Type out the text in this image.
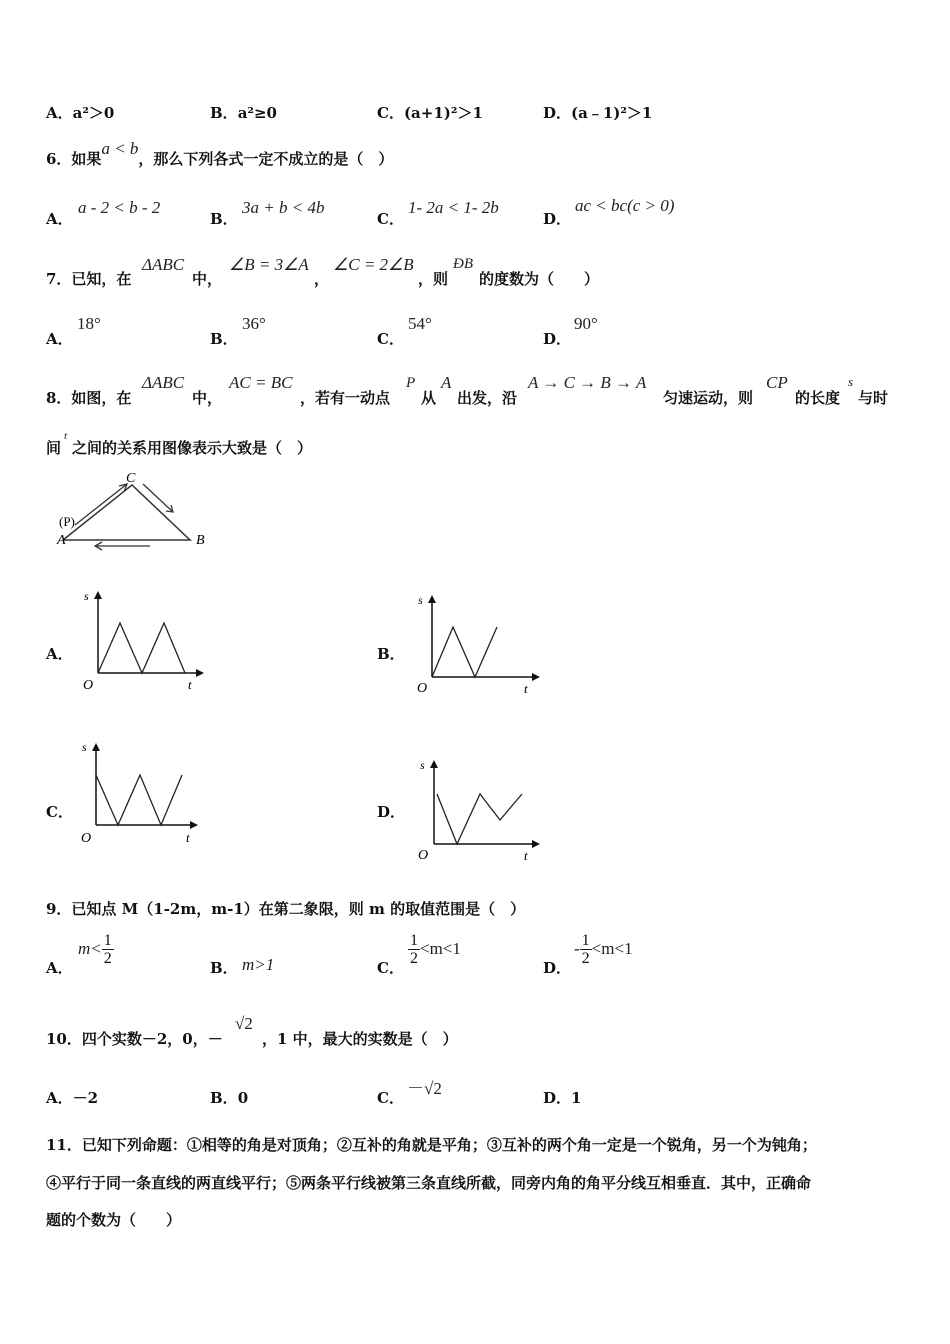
A．a²＞0	B．a²≥0	C．(a+1)²＞1	D．(a﹣1)²＞1
6．如果a < b，那么下列各式一定不成立的是（　）
A．
a - 2 < b - 2
B．
3a + b < 4b
C．
1- 2a < 1- 2b
D．
ac < bc(c > 0)
7．已知，在
ΔABC
中，
∠B = 3∠A
，
∠C = 2∠B
，则
ÐB
的度数为（　　）
A．
18°
B．
36°
C．
54°
D．
90°
8．如图，在
ΔABC
中，
AC = BC
，若有一动点
P
从
A
出发，沿
A → C → B → A
匀速运动，则
CP
的长度
s
与时
间
t
之间的关系用图像表示大致是（　）
(P)
A
C
B
A．
s
O	t
B．
s
O	t
C．
s
O	t
D．
s
O	t
9．已知点 M（1-2m，m-1）在第二象限，则 m 的取值范围是（　）
A．
$m< \frac{1}{2}$
B． m>1	C．
$\frac{1}{2} <m<1$
D．
- $\frac{1}{2} <m<1$
10．四个实数－2，0，－
√2
，1 中，最大的实数是（　）
A．－2	B．0	C． －√2	D．1
11．已知下列命题：①相等的角是对顶角；②互补的角就是平角；③互补的两个角一定是一个锐角，另一个为钝角；
④平行于同一条直线的两直线平行；⑤两条平行线被第三条直线所截，同旁内角的角平分线互相垂直．其中，正确命
题的个数为（　　）
